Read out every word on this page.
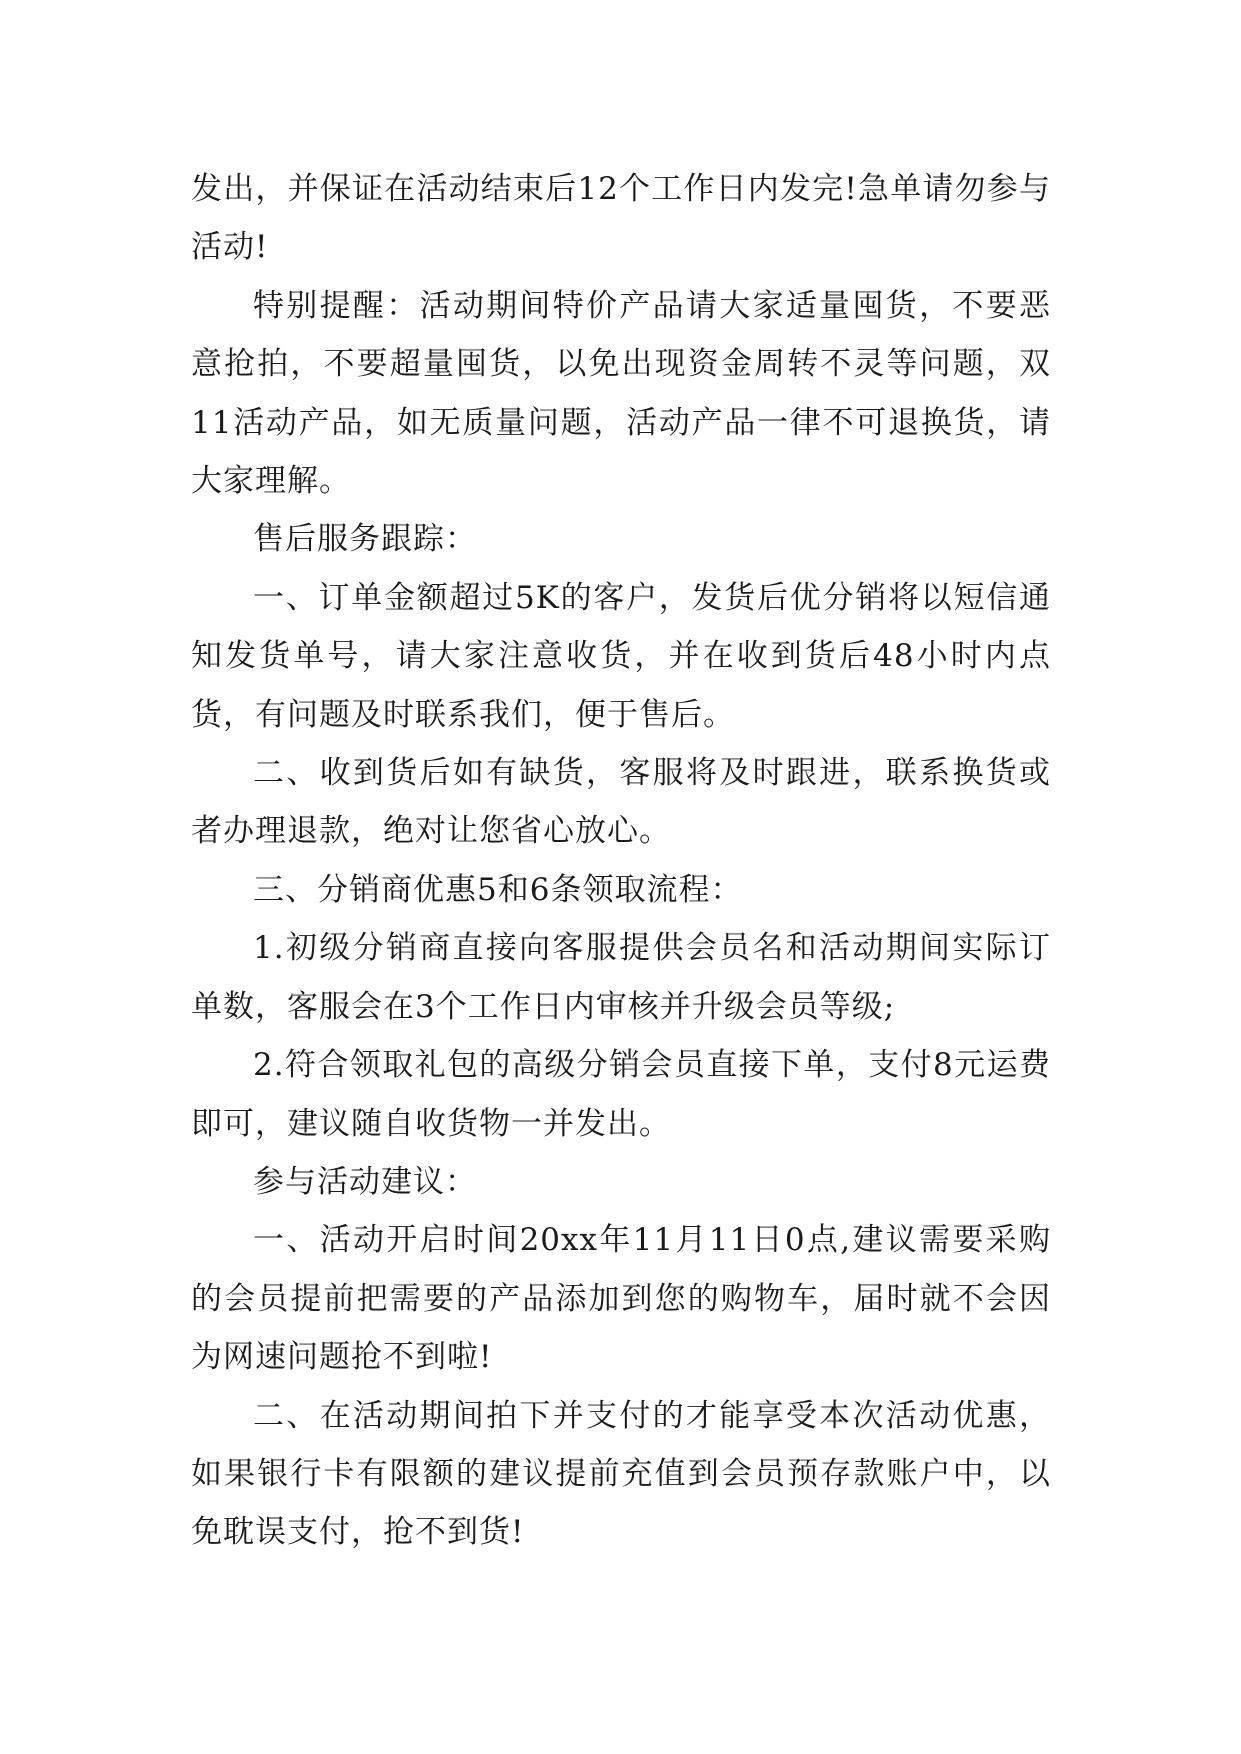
发出，并保证在活动结束后12个工作日内发完!急单请勿参与活动!

特别提醒：活动期间特价产品请大家适量囤货，不要恶意抢拍，不要超量囤货，以免出现资金周转不灵等问题，双11活动产品，如无质量问题，活动产品一律不可退换货，请大家理解。

售后服务跟踪：

一、订单金额超过5K的客户，发货后优分销将以短信通知发货单号，请大家注意收货，并在收到货后48小时内点货，有问题及时联系我们，便于售后。

二、收到货后如有缺货，客服将及时跟进，联系换货或者办理退款，绝对让您省心放心。

三、分销商优惠5和6条领取流程：

1.初级分销商直接向客服提供会员名和活动期间实际订单数，客服会在3个工作日内审核并升级会员等级;

2.符合领取礼包的高级分销会员直接下单，支付8元运费即可，建议随自收货物一并发出。

参与活动建议：

一、活动开启时间20xx年11月11日0点,建议需要采购的会员提前把需要的产品添加到您的购物车，届时就不会因为网速问题抢不到啦!

二、在活动期间拍下并支付的才能享受本次活动优惠，如果银行卡有限额的建议提前充值到会员预存款账户中，以免耽误支付，抢不到货!
